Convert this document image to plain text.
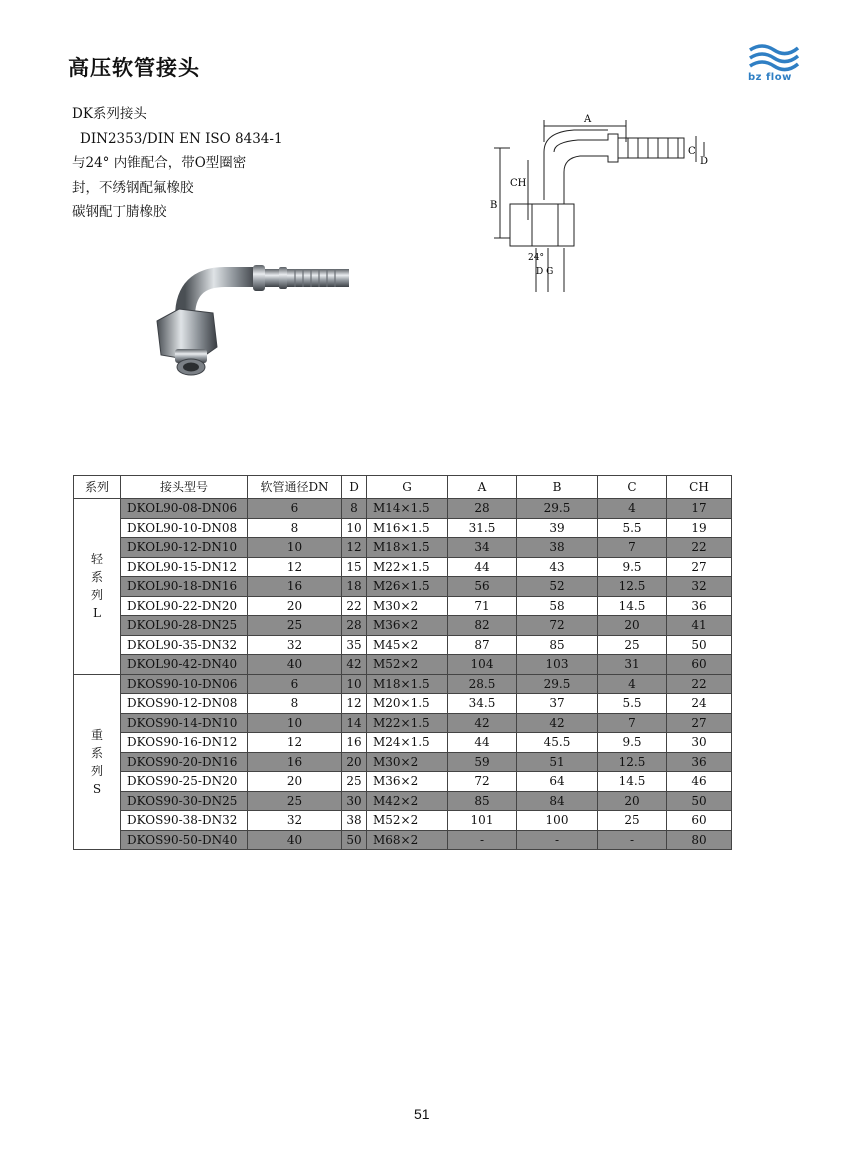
高压软管接头	bz flow
DK系列接头
DIN2353/DIN EN ISO 8434-1
与24° 内锥配合，带O型圈密
封，不绣钢配氟橡胶
碳钢配丁腈橡胶
A
C
D
CH
B
24°
D G
系列	接头型号	软管通径DN	D	G	A	B	C	CH

轻
系
列
L	DKOL90-08-DN06	6	8	M14×1.5	28	29.5	4	17
	DKOL90-10-DN08	8	10	M16×1.5	31.5	39	5.5	19
	DKOL90-12-DN10	10	12	M18×1.5	34	38	7	22
	DKOL90-15-DN12	12	15	M22×1.5	44	43	9.5	27
	DKOL90-18-DN16	16	18	M26×1.5	56	52	12.5	32
	DKOL90-22-DN20	20	22	M30×2	71	58	14.5	36
	DKOL90-28-DN25	25	28	M36×2	82	72	20	41
	DKOL90-35-DN32	32	35	M45×2	87	85	25	50
	DKOL90-42-DN40	40	42	M52×2	104	103	31	60

重
系
列
S	DKOS90-10-DN06	6	10	M18×1.5	28.5	29.5	4	22
	DKOS90-12-DN08	8	12	M20×1.5	34.5	37	5.5	24
	DKOS90-14-DN10	10	14	M22×1.5	42	42	7	27
	DKOS90-16-DN12	12	16	M24×1.5	44	45.5	9.5	30
	DKOS90-20-DN16	16	20	M30×2	59	51	12.5	36
	DKOS90-25-DN20	20	25	M36×2	72	64	14.5	46
	DKOS90-30-DN25	25	30	M42×2	85	84	20	50
	DKOS90-38-DN32	32	38	M52×2	101	100	25	60
	DKOS90-50-DN40	40	50	M68×2	-	-	-	80
51
